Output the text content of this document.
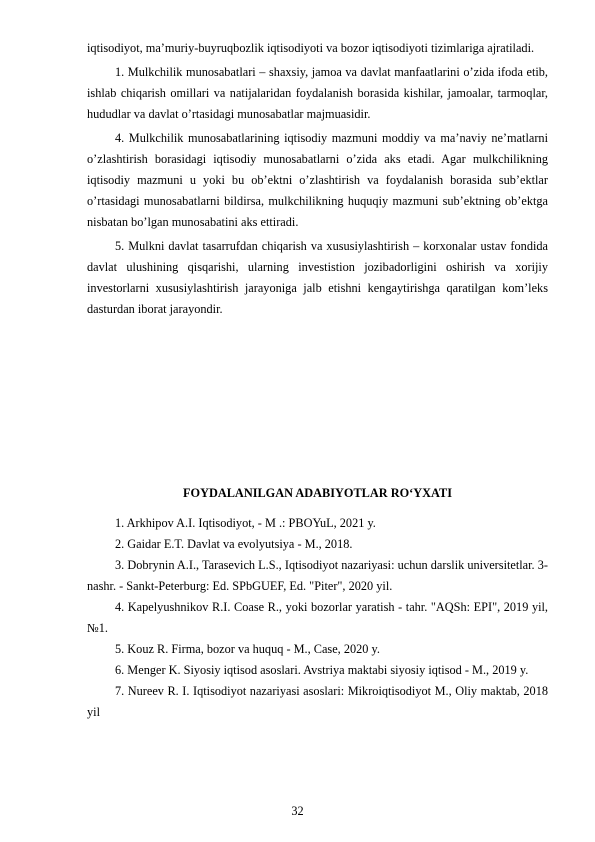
iqtisodiyot, ma’muriy-buyruqbozlik iqtisodiyoti va bozor iqtisodiyoti tizimlariga ajratiladi.

1. Mulkchilik munosabatlari – shaxsiy, jamoa va davlat manfaatlarini o’zida ifoda etib, ishlab chiqarish omillari va natijalaridan foydalanish borasida kishilar, jamoalar, tarmoqlar, hududlar va davlat o’rtasidagi munosabatlar majmuasidir.

4. Mulkchilik munosabatlarining iqtisodiy mazmuni moddiy va ma’naviy ne’matlarni o’zlashtirish borasidagi iqtisodiy munosabatlarni o’zida aks etadi. Agar mulkchilikning iqtisodiy mazmuni u yoki bu ob’ektni o’zlashtirish va foydalanish borasida sub’ektlar o’rtasidagi munosabatlarni bildirsa, mulkchilikning huquqiy mazmuni sub’ektning ob’ektga nisbatan bo’lgan munosabatini aks ettiradi.

5. Mulkni davlat tasarrufdan chiqarish va xususiylashtirish – korxonalar ustav fondida davlat ulushining qisqarishi, ularning investistion jozibadorligini oshirish va xorijiy investorlarni xususiylashtirish jarayoniga jalb etishni kengaytirishga qaratilgan kom’leks dasturdan iborat jarayondir.

FOYDALANILGAN ADABIYOTLAR RO‘YXATI

1. Arkhipov A.I. Iqtisodiyot, - M .: PBOYuL, 2021 y.
2. Gaidar E.T. Davlat va evolyutsiya - M., 2018.
3. Dobrynin A.I., Tarasevich L.S., Iqtisodiyot nazariyasi: uchun darslik universitetlar. 3-nashr. - Sankt-Peterburg: Ed. SPbGUEF, Ed. "Piter", 2020 yil.
4. Kapelyushnikov R.I. Coase R., yoki bozorlar yaratish - tahr. "AQSh: EPI", 2019 yil, №1.
5. Kouz R. Firma, bozor va huquq - M., Case, 2020 y.
6. Menger K. Siyosiy iqtisod asoslari. Avstriya maktabi siyosiy iqtisod - M., 2019 y.
7. Nureev R. I. Iqtisodiyot nazariyasi asoslari: Mikroiqtisodiyot M., Oliy maktab, 2018 yil
32
